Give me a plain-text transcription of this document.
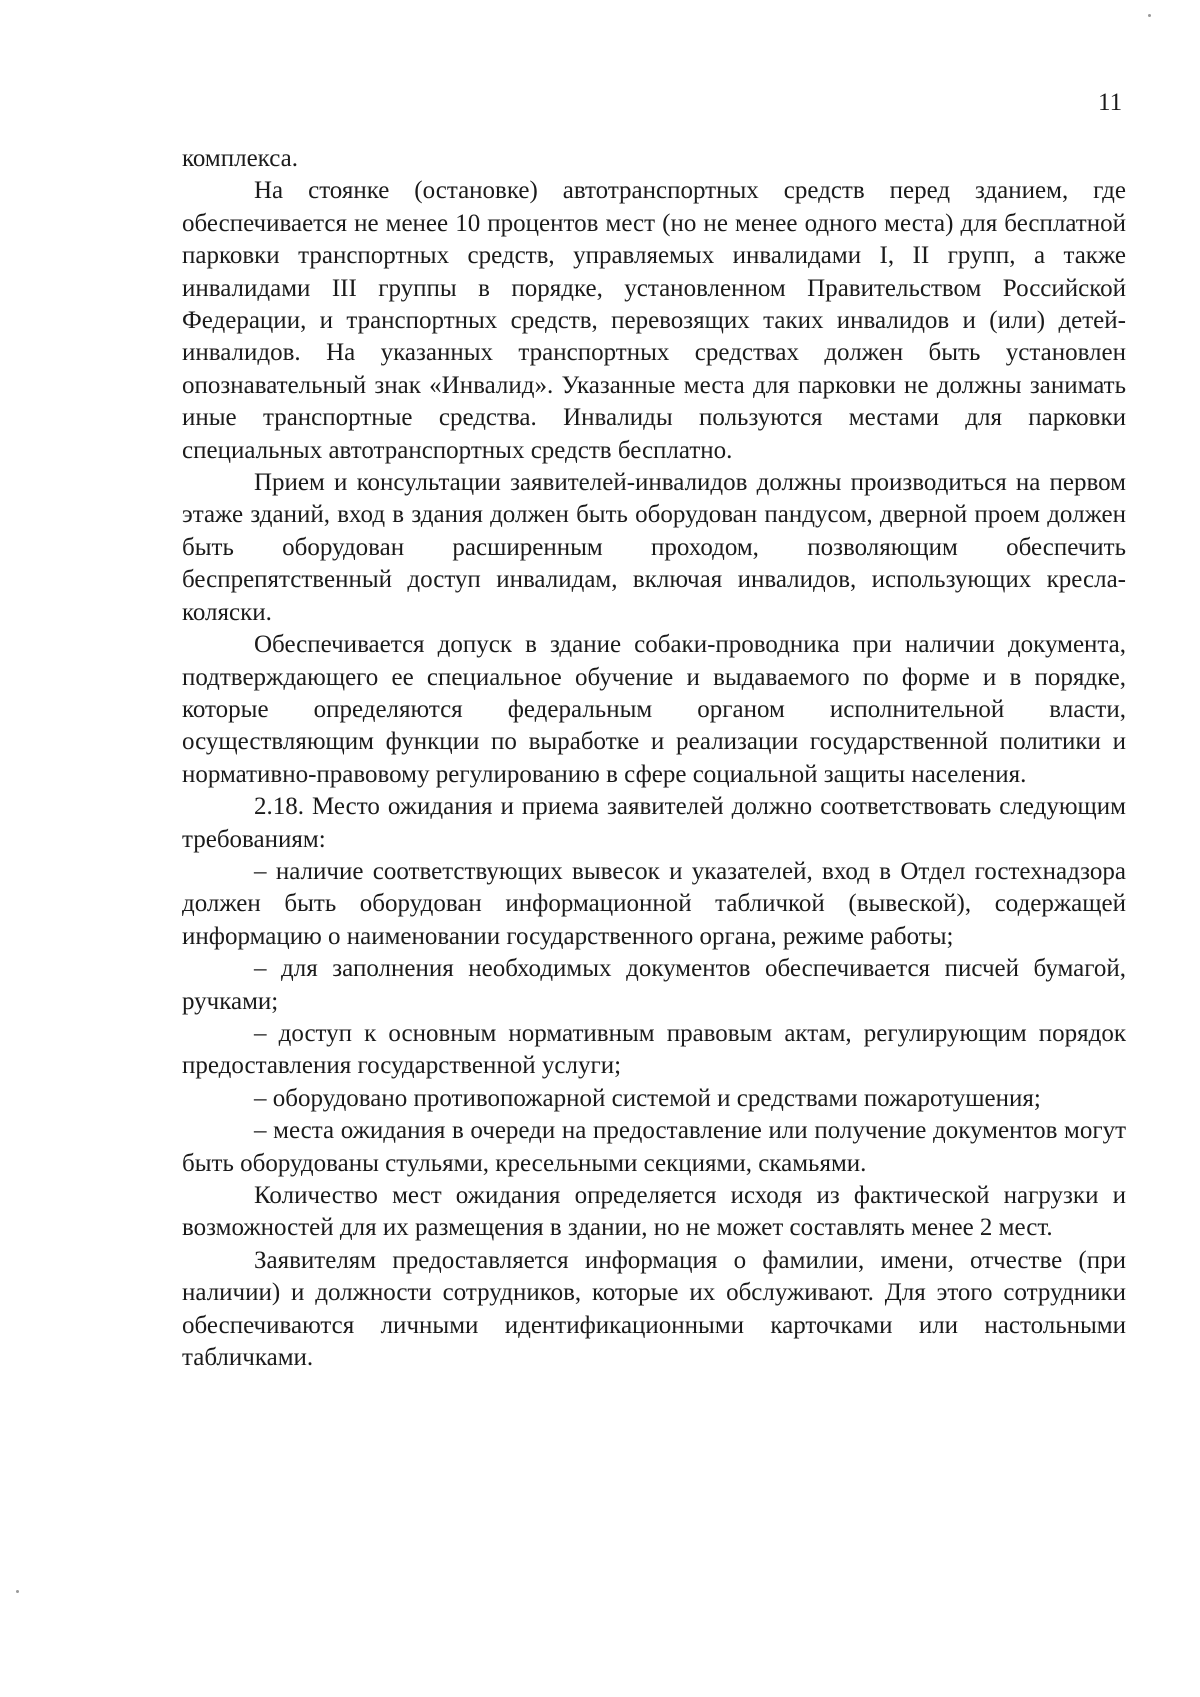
11

комплекса.

На стоянке (остановке) автотранспортных средств перед зданием, где обеспечивается не менее 10 процентов мест (но не менее одного места) для бесплатной парковки транспортных средств, управляемых инвалидами I, II групп, а также инвалидами III группы в порядке, установленном Правительством Российской Федерации, и транспортных средств, перевозящих таких инвалидов и (или) детей-инвалидов. На указанных транспортных средствах должен быть установлен опознавательный знак «Инвалид». Указанные места для парковки не должны занимать иные транспортные средства. Инвалиды пользуются местами для парковки специальных автотранспортных средств бесплатно.

Прием и консультации заявителей-инвалидов должны производиться на первом этаже зданий, вход в здания должен быть оборудован пандусом, дверной проем должен быть оборудован расширенным проходом, позволяющим обеспечить беспрепятственный доступ инвалидам, включая инвалидов, использующих кресла-коляски.

Обеспечивается допуск в здание собаки-проводника при наличии документа, подтверждающего ее специальное обучение и выдаваемого по форме и в порядке, которые определяются федеральным органом исполнительной власти, осуществляющим функции по выработке и реализации государственной политики и нормативно-правовому регулированию в сфере социальной защиты населения.

2.18. Место ожидания и приема заявителей должно соответствовать следующим требованиям:

– наличие соответствующих вывесок и указателей, вход в Отдел гостехнадзора должен быть оборудован информационной табличкой (вывеской), содержащей информацию о наименовании государственного органа, режиме работы;

– для заполнения необходимых документов обеспечивается писчей бумагой, ручками;

– доступ к основным нормативным правовым актам, регулирующим порядок предоставления государственной услуги;

– оборудовано противопожарной системой и средствами пожаротушения;

– места ожидания в очереди на предоставление или получение документов могут быть оборудованы стульями, кресельными секциями, скамьями.

Количество мест ожидания определяется исходя из фактической нагрузки и возможностей для их размещения в здании, но не может составлять менее 2 мест.

Заявителям предоставляется информация о фамилии, имени, отчестве (при наличии) и должности сотрудников, которые их обслуживают. Для этого сотрудники обеспечиваются личными идентификационными карточками или настольными табличками.
